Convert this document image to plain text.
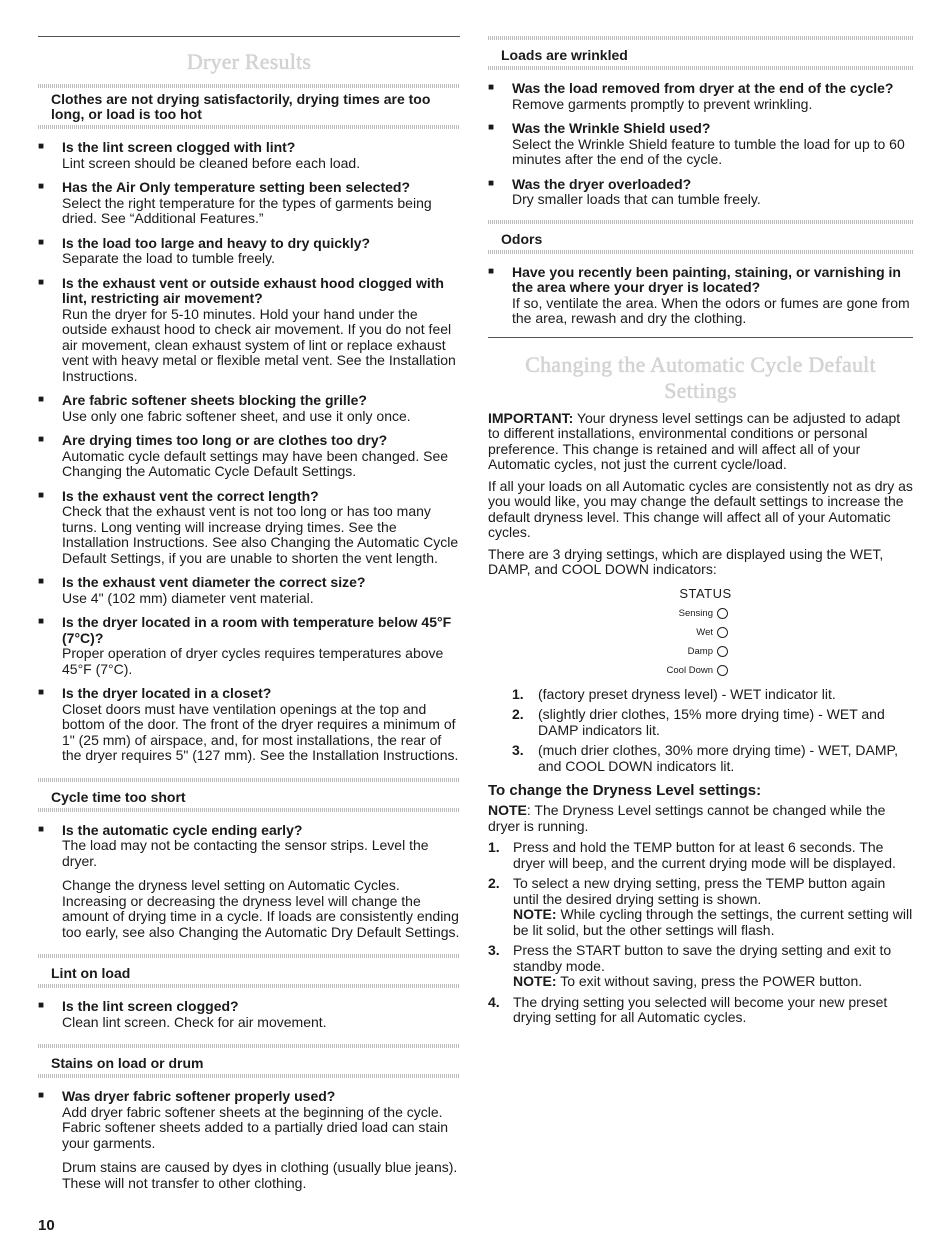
Dryer Results
Clothes are not drying satisfactorily, drying times are too long, or load is too hot
■ Is the lint screen clogged with lint?

Lint screen should be cleaned before each load.

■ Has the Air Only temperature setting been selected?

Select the right temperature for the types of garments being dried. See “Additional Features.”

■ Is the load too large and heavy to dry quickly?

Separate the load to tumble freely.

■ Is the exhaust vent or outside exhaust hood clogged with lint, restricting air movement?

Run the dryer for 5-10 minutes. Hold your hand under the outside exhaust hood to check air movement. If you do not feel air movement, clean exhaust system of lint or replace exhaust vent with heavy metal or flexible metal vent. See the Installation Instructions.

■ Are fabric softener sheets blocking the grille?

Use only one fabric softener sheet, and use it only once.

■ Are drying times too long or are clothes too dry?

Automatic cycle default settings may have been changed. See Changing the Automatic Cycle Default Settings.

■ Is the exhaust vent the correct length?

Check that the exhaust vent is not too long or has too many turns. Long venting will increase drying times. See the Installation Instructions. See also Changing the Automatic Cycle Default Settings, if you are unable to shorten the vent length.

■ Is the exhaust vent diameter the correct size?

Use 4" (102 mm) diameter vent material.

■ Is the dryer located in a room with temperature below 45°F (7°C)?

Proper operation of dryer cycles requires temperatures above 45°F (7°C).

■ Is the dryer located in a closet?

Closet doors must have ventilation openings at the top and bottom of the door. The front of the dryer requires a minimum of 1" (25 mm) of airspace, and, for most installations, the rear of the dryer requires 5" (127 mm). See the Installation Instructions.

Cycle time too short
■ Is the automatic cycle ending early?

The load may not be contacting the sensor strips. Level the dryer.

Change the dryness level setting on Automatic Cycles. Increasing or decreasing the dryness level will change the amount of drying time in a cycle. If loads are consistently ending too early, see also Changing the Automatic Dry Default Settings.

Lint on load
■ Is the lint screen clogged?

Clean lint screen. Check for air movement.

Stains on load or drum
■ Was dryer fabric softener properly used?

Add dryer fabric softener sheets at the beginning of the cycle. Fabric softener sheets added to a partially dried load can stain your garments.

Drum stains are caused by dyes in clothing (usually blue jeans). These will not transfer to other clothing.

Loads are wrinkled
■ Was the load removed from dryer at the end of the cycle?

Remove garments promptly to prevent wrinkling.

■ Was the Wrinkle Shield used?

Select the Wrinkle Shield feature to tumble the load for up to 60 minutes after the end of the cycle.

■ Was the dryer overloaded?

Dry smaller loads that can tumble freely.

Odors
■ Have you recently been painting, staining, or varnishing in the area where your dryer is located?

If so, ventilate the area. When the odors or fumes are gone from the area, rewash and dry the clothing.

Changing the Automatic Cycle Default Settings

IMPORTANT: Your dryness level settings can be adjusted to adapt to different installations, environmental conditions or personal preference. This change is retained and will affect all of your Automatic cycles, not just the current cycle/load.

If all your loads on all Automatic cycles are consistently not as dry as you would like, you may change the default settings to increase the default dryness level. This change will affect all of your Automatic cycles.

There are 3 drying settings, which are displayed using the WET, DAMP, and COOL DOWN indicators:

STATUS
Sensing
Wet
Damp
Cool Down
1. (factory preset dryness level) - WET indicator lit.
2. (slightly drier clothes, 15% more drying time) - WET and DAMP indicators lit.
3. (much drier clothes, 30% more drying time) - WET, DAMP, and COOL DOWN indicators lit.
To change the Dryness Level settings:

NOTE: The Dryness Level settings cannot be changed while the dryer is running.

1. Press and hold the TEMP button for at least 6 seconds. The dryer will beep, and the current drying mode will be displayed.
2. To select a new drying setting, press the TEMP button again until the desired drying setting is shown.
NOTE: While cycling through the settings, the current setting will be lit solid, but the other settings will flash.
3. Press the START button to save the drying setting and exit to standby mode.
NOTE: To exit without saving, press the POWER button.
4. The drying setting you selected will become your new preset drying setting for all Automatic cycles.
10
